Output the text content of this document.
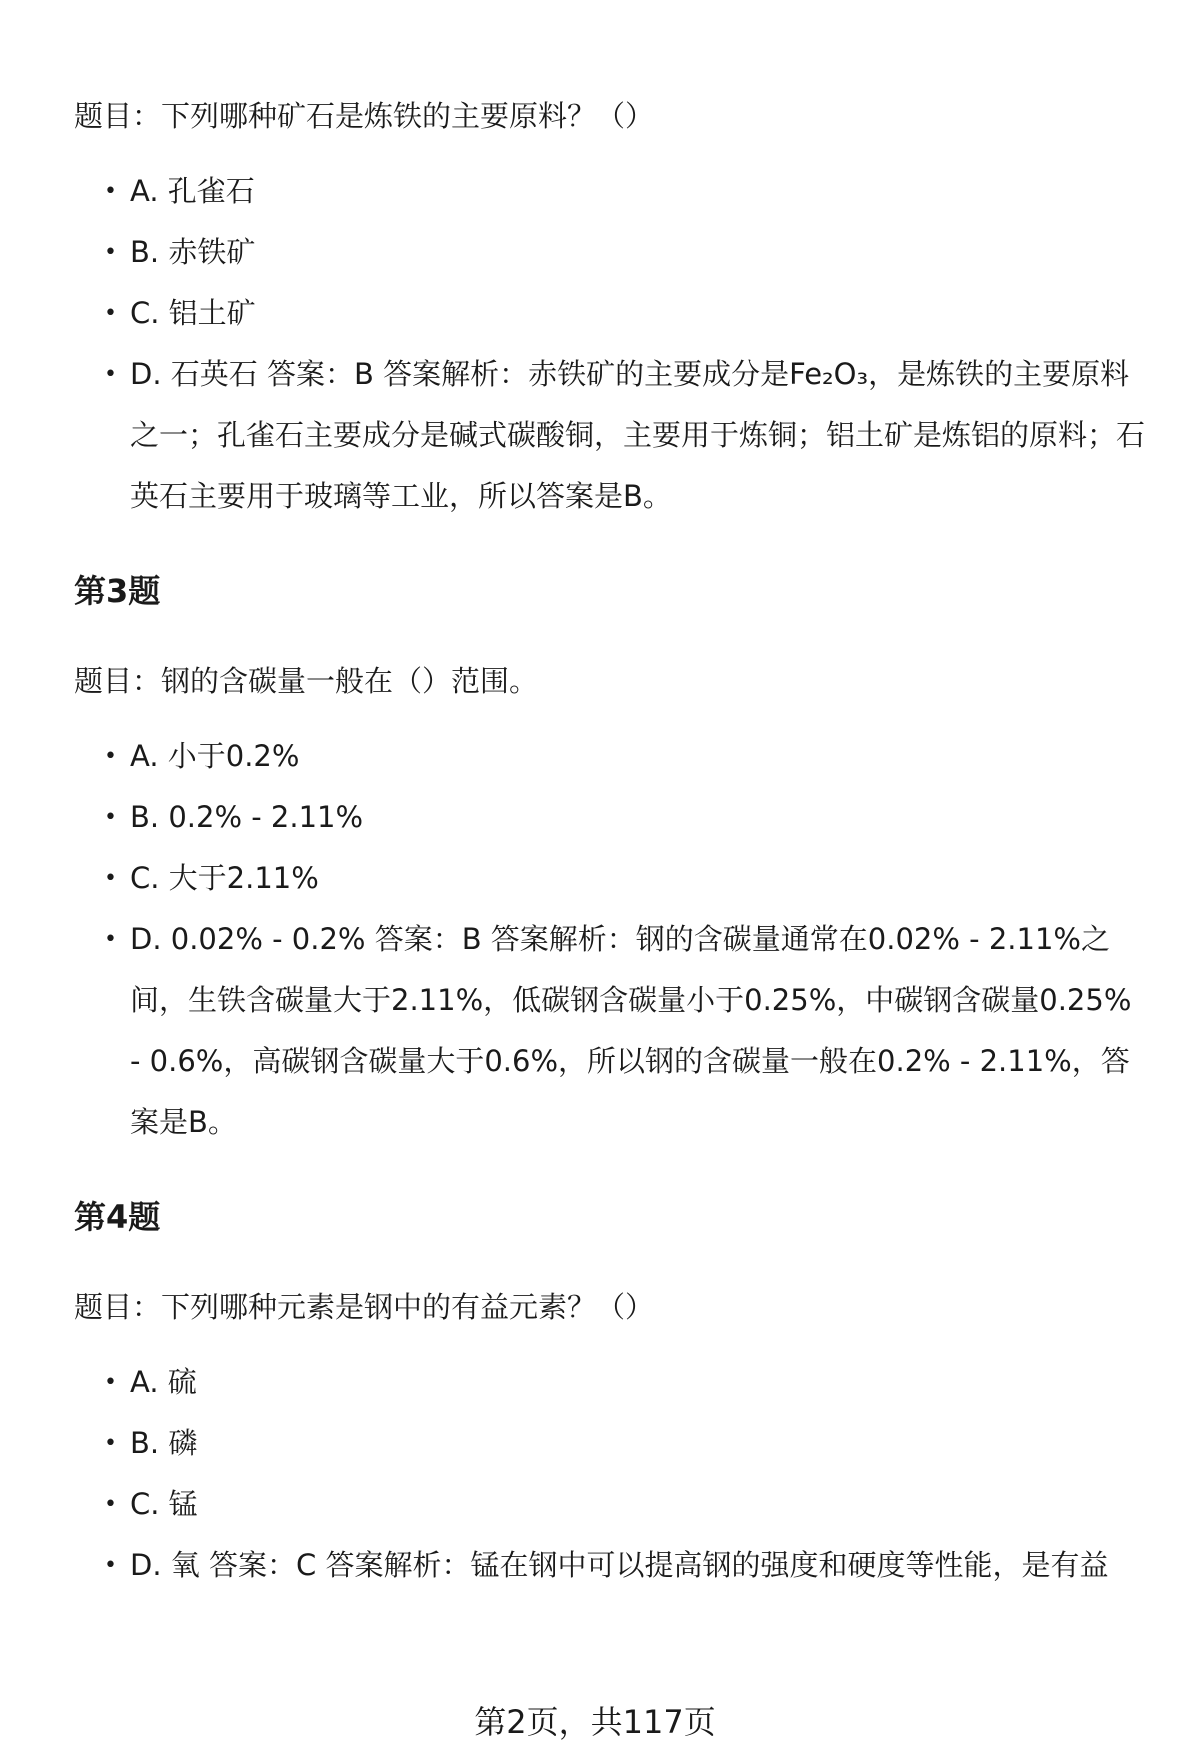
题目：下列哪种矿石是炼铁的主要原料？（）

• A. 孔雀石
• B. 赤铁矿
• C. 铝土矿
• D. 石英石 答案：B 答案解析：赤铁矿的主要成分是Fe₂O₃，是炼铁的主要原料之一；孔雀石主要成分是碱式碳酸铜，主要用于炼铜；铝土矿是炼铝的原料；石英石主要用于玻璃等工业，所以答案是B。
第3题

题目：钢的含碳量一般在（）范围。

• A. 小于0.2%
• B. 0.2% - 2.11%
• C. 大于2.11%
• D. 0.02% - 0.2% 答案：B 答案解析：钢的含碳量通常在0.02% - 2.11%之间，生铁含碳量大于2.11%，低碳钢含碳量小于0.25%，中碳钢含碳量0.25% - 0.6%，高碳钢含碳量大于0.6%，所以钢的含碳量一般在0.2% - 2.11%，答案是B。
第4题

题目：下列哪种元素是钢中的有益元素？（）

• A. 硫
• B. 磷
• C. 锰
• D. 氧 答案：C 答案解析：锰在钢中可以提高钢的强度和硬度等性能，是有益
第2页，共117页
